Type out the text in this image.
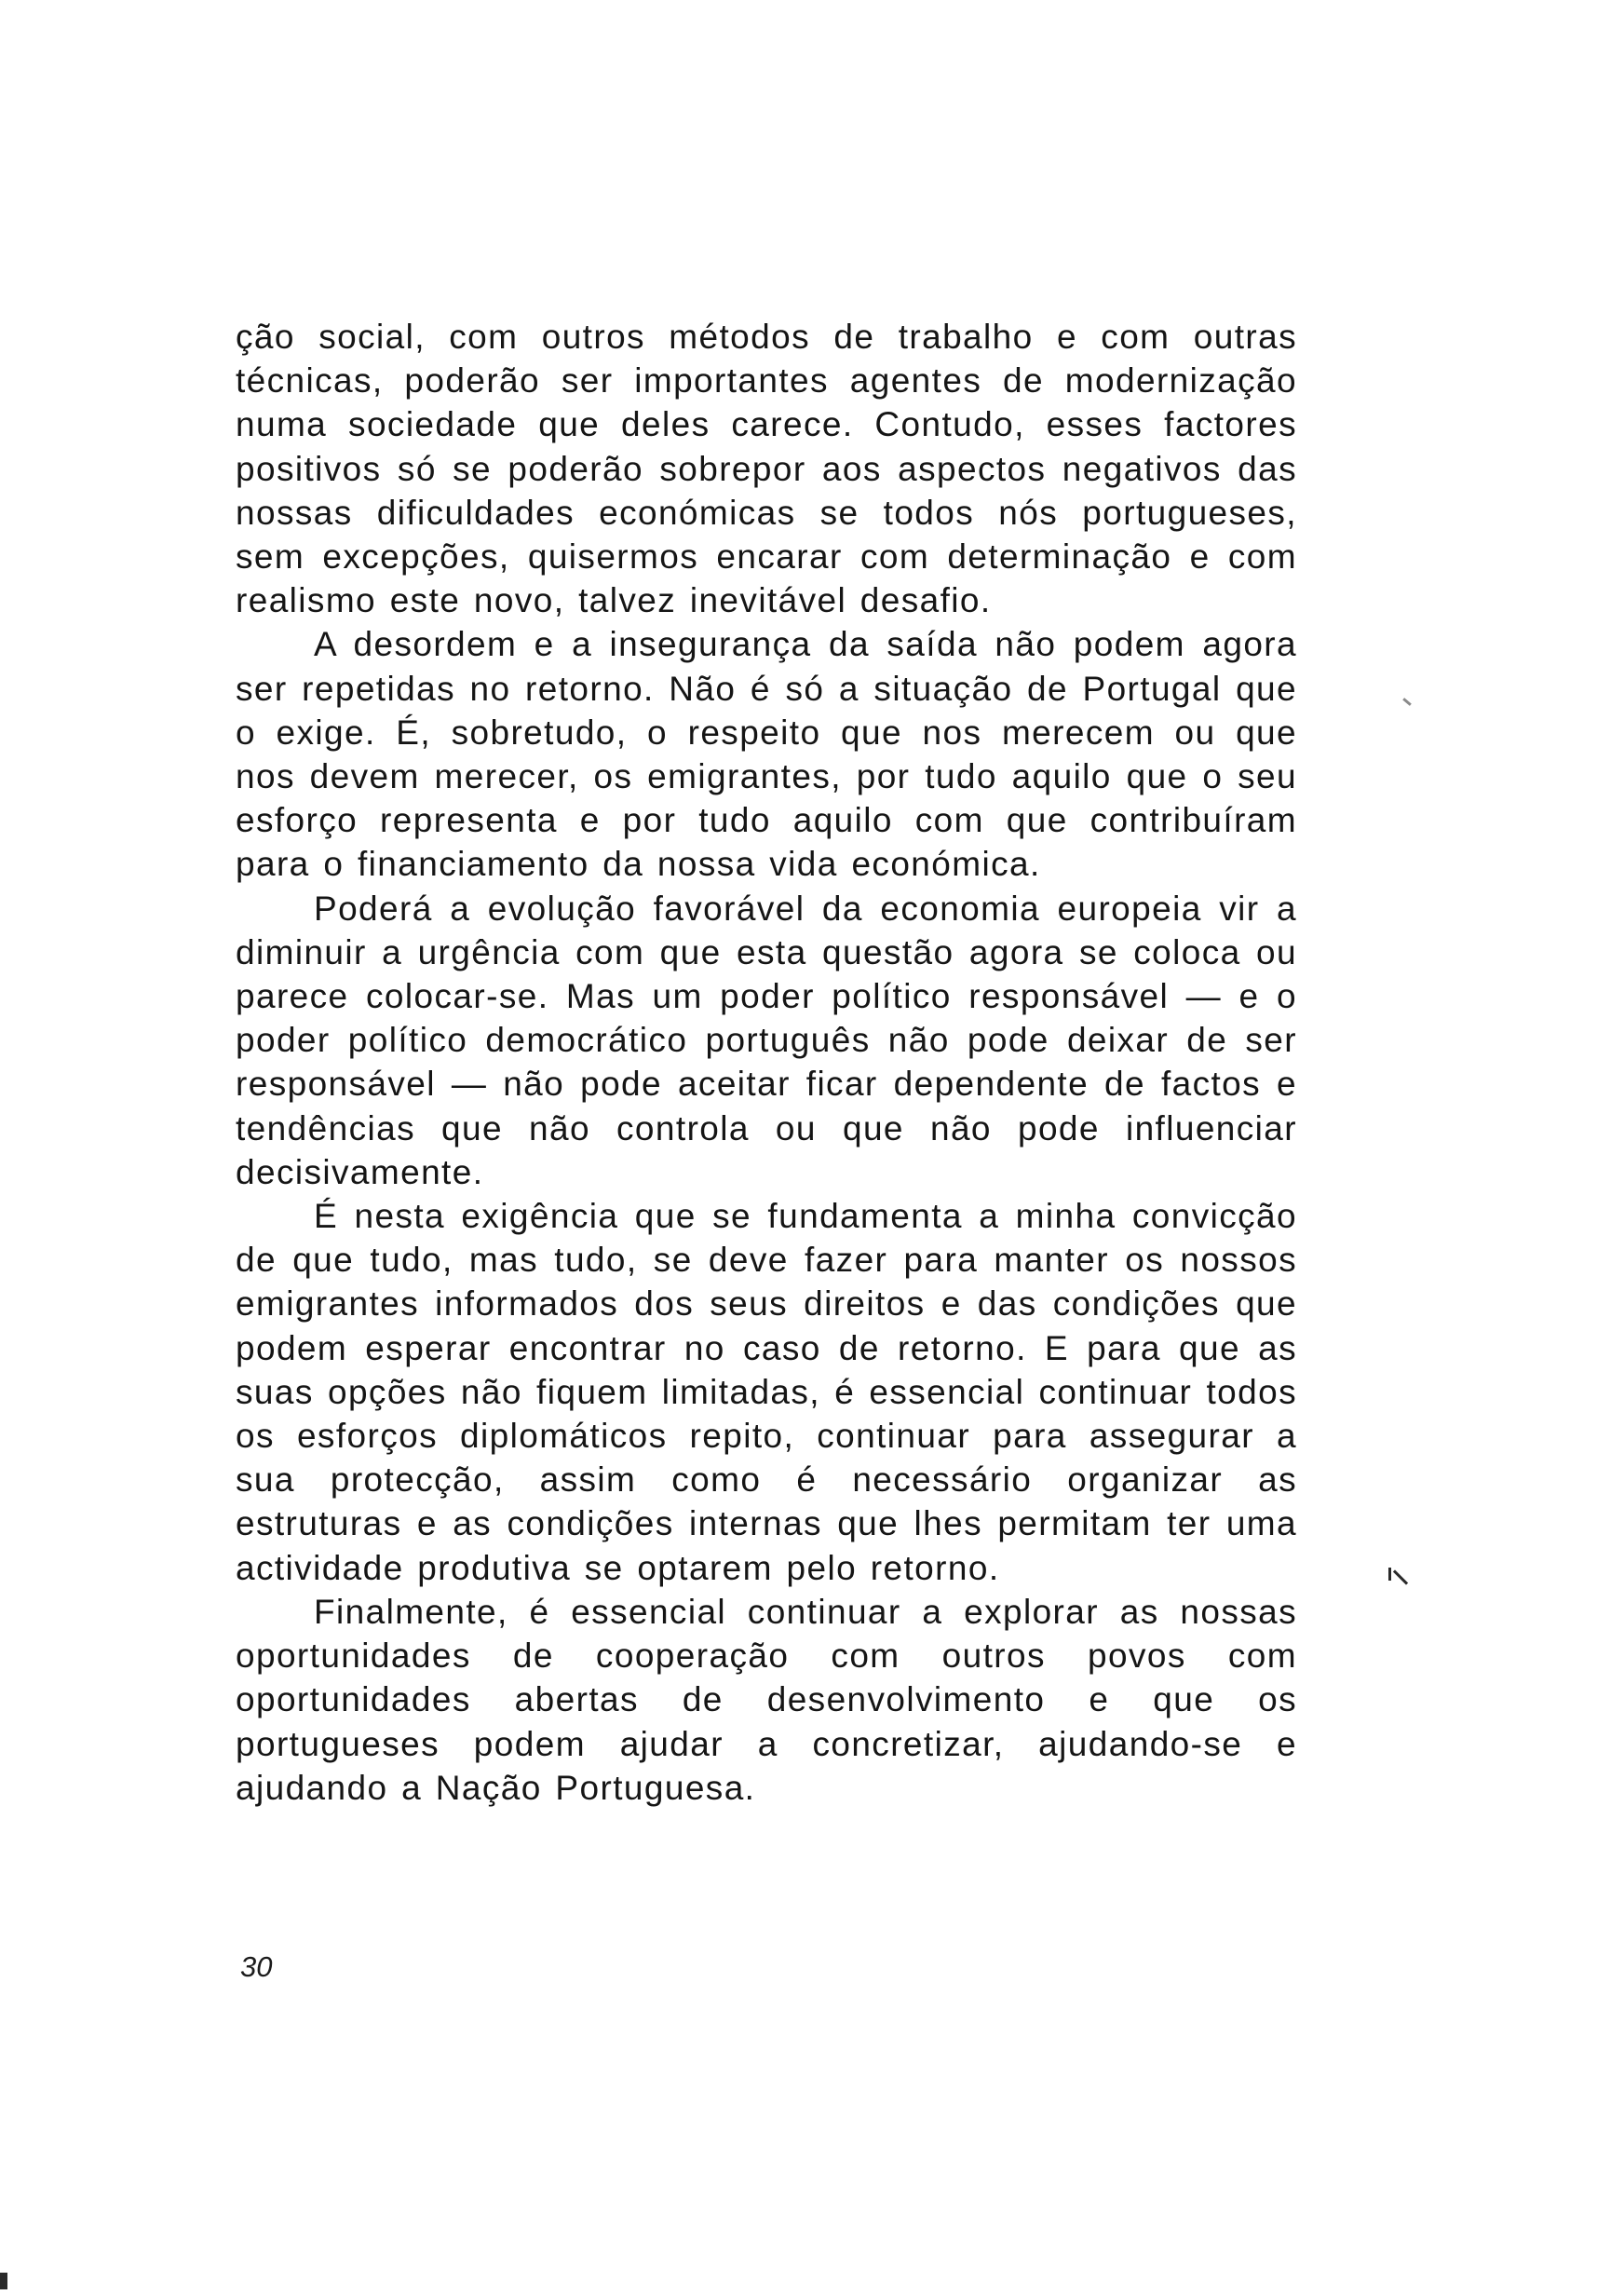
ção social, com outros métodos de trabalho e com outras técnicas, poderão ser importantes agentes de modernização numa sociedade que deles carece. Contudo, esses factores positivos só se poderão sobrepor aos aspectos negativos das nossas dificuldades económicas se todos nós portugueses, sem excepções, quisermos encarar com determinação e com realismo este novo, talvez inevitável desafio.

A desordem e a insegurança da saída não podem agora ser repetidas no retorno. Não é só a situação de Portugal que o exige. É, sobretudo, o respeito que nos merecem ou que nos devem merecer, os emigrantes, por tudo aquilo que o seu esforço representa e por tudo aquilo com que contribuíram para o financiamento da nossa vida económica.

Poderá a evolução favorável da economia europeia vir a diminuir a urgência com que esta questão agora se coloca ou parece colocar-se. Mas um poder político responsável — e o poder político democrático português não pode deixar de ser responsável — não pode aceitar ficar dependente de factos e tendências que não controla ou que não pode influenciar decisivamente.

É nesta exigência que se fundamenta a minha convicção de que tudo, mas tudo, se deve fazer para manter os nossos emigrantes informados dos seus direitos e das condições que podem esperar encontrar no caso de retorno. E para que as suas opções não fiquem limitadas, é essencial continuar todos os esforços diplomáticos repito, continuar para assegurar a sua protecção, assim como é necessário organizar as estruturas e as condições internas que lhes permitam ter uma actividade produtiva se optarem pelo retorno.

Finalmente, é essencial continuar a explorar as nossas oportunidades de cooperação com outros povos com oportunidades abertas de desenvolvimento e que os portugueses podem ajudar a concretizar, ajudando-se e ajudando a Nação Portuguesa.

30
